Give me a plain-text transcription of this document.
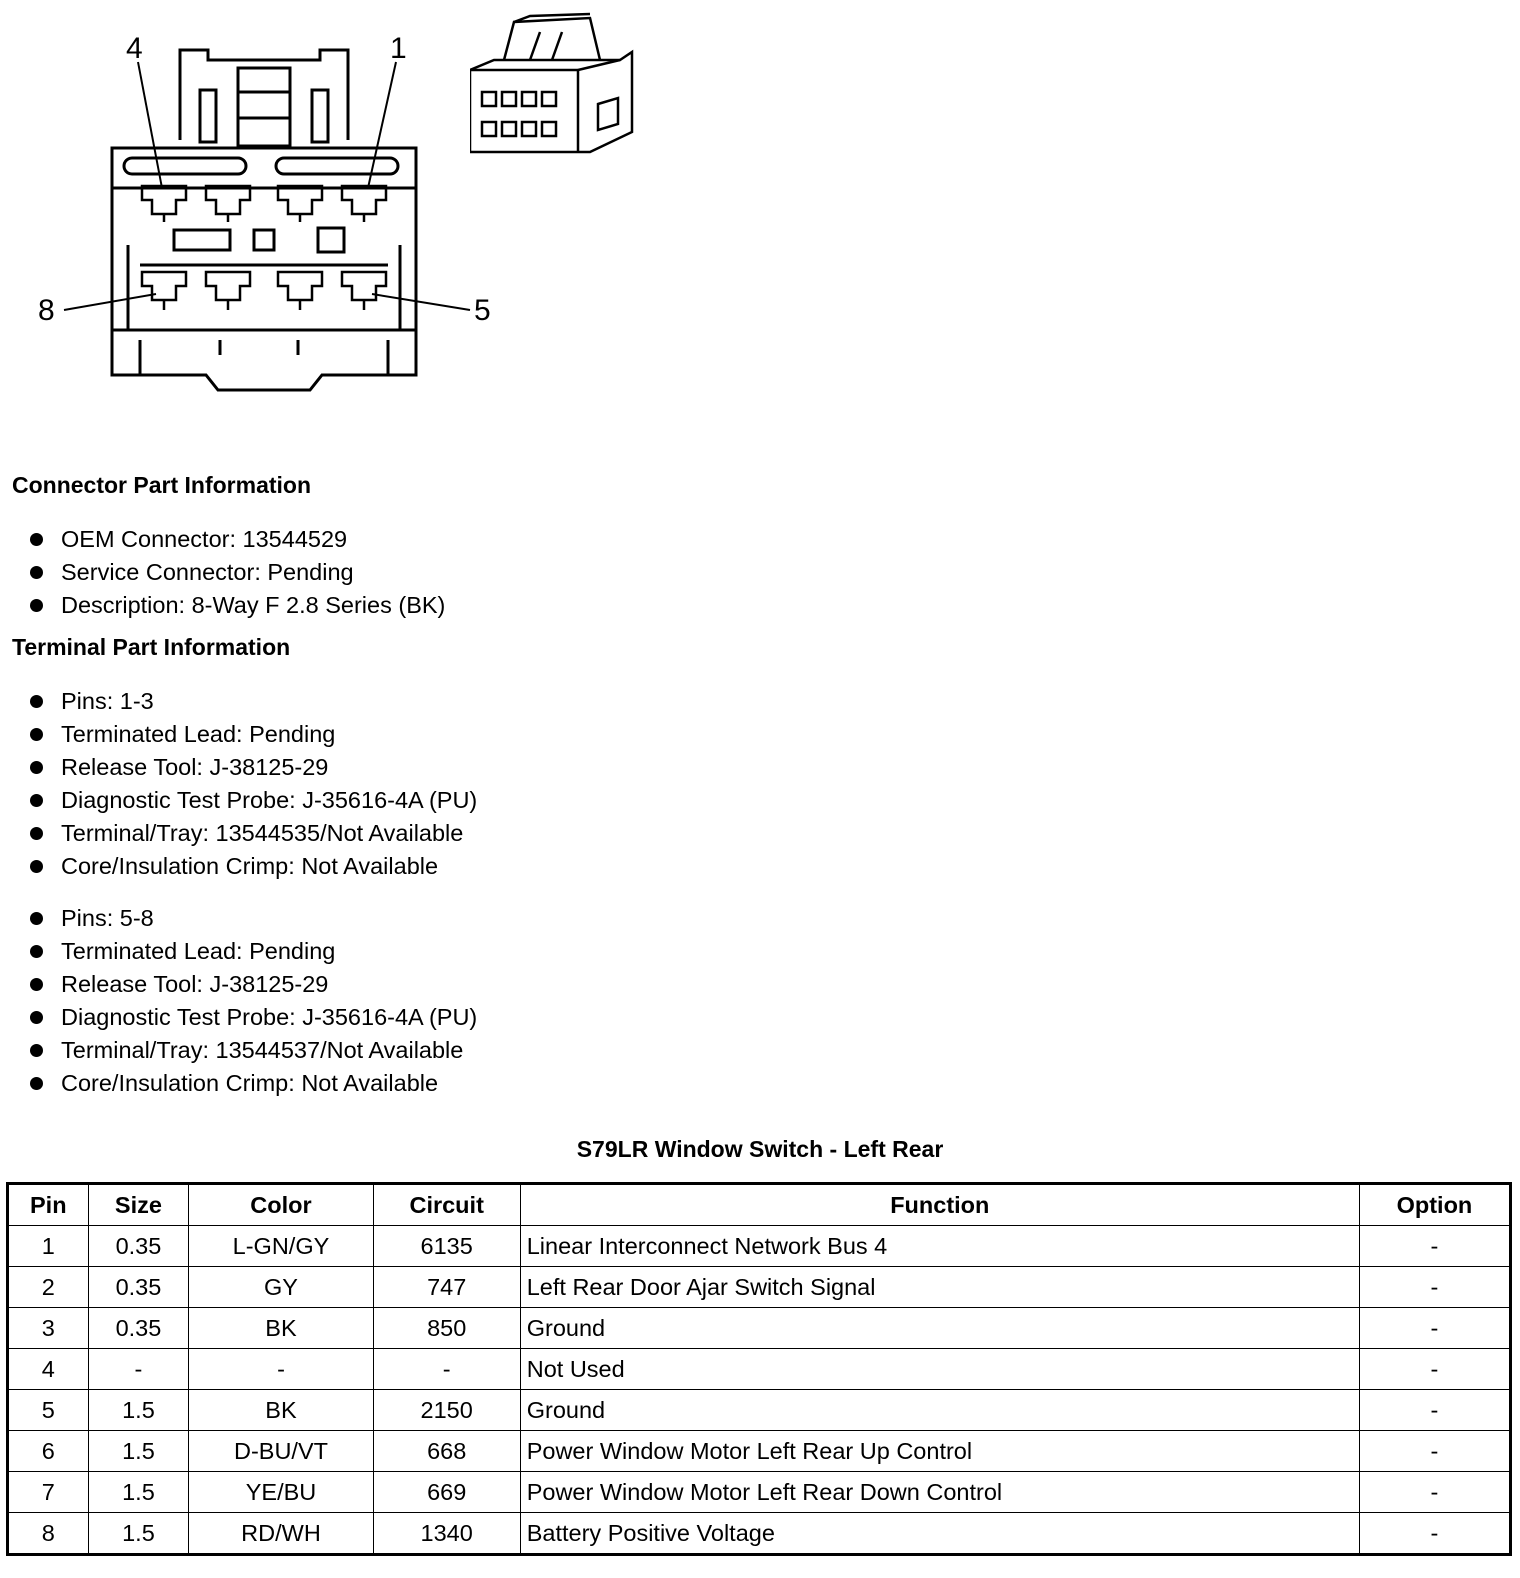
4	1
8	5
Connector Part Information
OEM Connector: 13544529
Service Connector: Pending
Description: 8-Way F 2.8 Series (BK)
Terminal Part Information
Pins: 1-3
Terminated Lead: Pending
Release Tool: J-38125-29
Diagnostic Test Probe: J-35616-4A (PU)
Terminal/Tray: 13544535/Not Available
Core/Insulation Crimp: Not Available
Pins: 5-8
Terminated Lead: Pending
Release Tool: J-38125-29
Diagnostic Test Probe: J-35616-4A (PU)
Terminal/Tray: 13544537/Not Available
Core/Insulation Crimp: Not Available
S79LR Window Switch - Left Rear
Pin	Size	Color	Circuit	Function	Option
1	0.35	L-GN/GY	6135	Linear Interconnect Network Bus 4	-
2	0.35	GY	747	Left Rear Door Ajar Switch Signal	-
3	0.35	BK	850	Ground	-
4	-	-	-	Not Used	-
5	1.5	BK	2150	Ground	-
6	1.5	D-BU/VT	668	Power Window Motor Left Rear Up Control	-
7	1.5	YE/BU	669	Power Window Motor Left Rear Down Control	-
8	1.5	RD/WH	1340	Battery Positive Voltage	-
